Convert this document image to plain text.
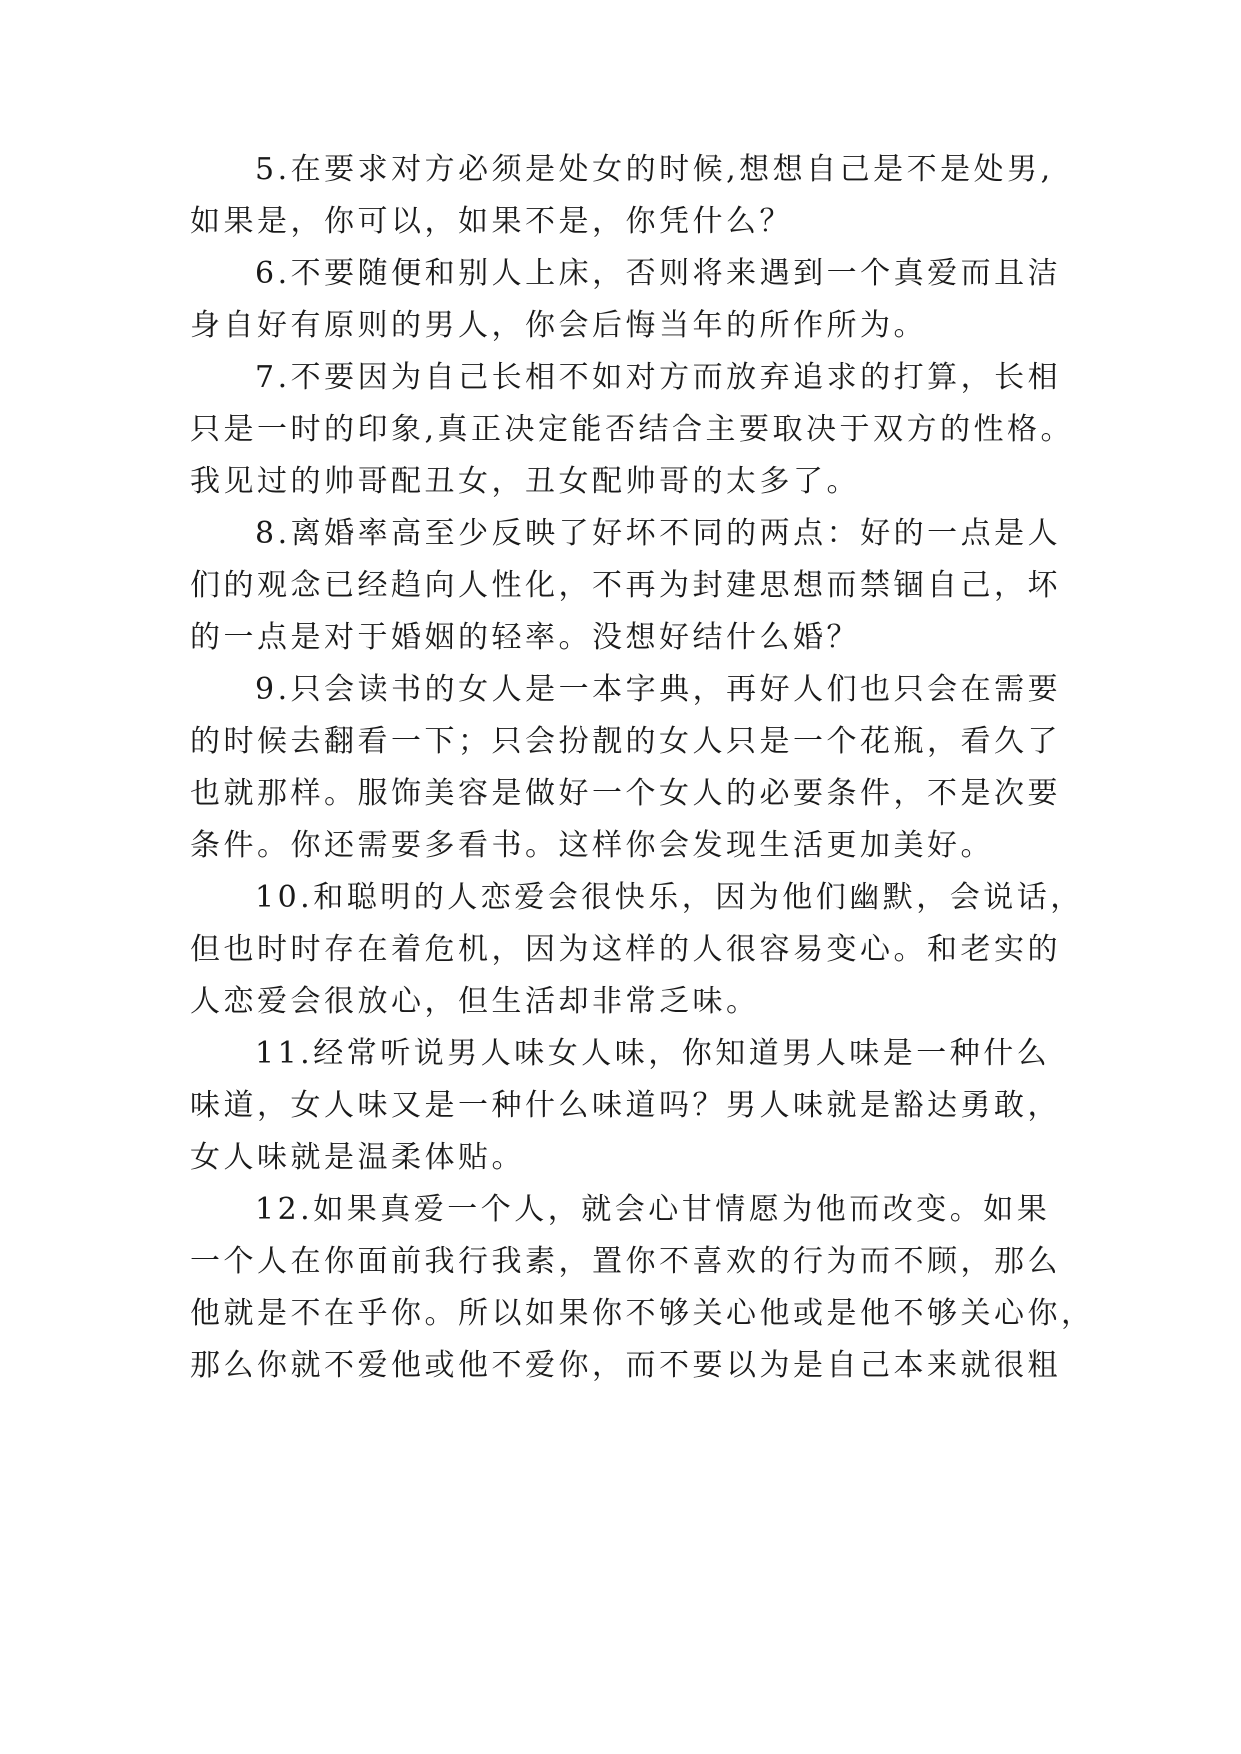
5.在要求对方必须是处女的时候,想想自己是不是处男,
如果是，你可以，如果不是，你凭什么？
6.不要随便和别人上床，否则将来遇到一个真爱而且洁
身自好有原则的男人，你会后悔当年的所作所为。
7.不要因为自己长相不如对方而放弃追求的打算，长相
只是一时的印象,真正决定能否结合主要取决于双方的性格。
我见过的帅哥配丑女，丑女配帅哥的太多了。
8.离婚率高至少反映了好坏不同的两点：好的一点是人
们的观念已经趋向人性化，不再为封建思想而禁锢自己，坏
的一点是对于婚姻的轻率。没想好结什么婚？
9.只会读书的女人是一本字典，再好人们也只会在需要
的时候去翻看一下；只会扮靓的女人只是一个花瓶，看久了
也就那样。服饰美容是做好一个女人的必要条件，不是次要
条件。你还需要多看书。这样你会发现生活更加美好。
10.和聪明的人恋爱会很快乐，因为他们幽默，会说话，
但也时时存在着危机，因为这样的人很容易变心。和老实的
人恋爱会很放心，但生活却非常乏味。
11.经常听说男人味女人味，你知道男人味是一种什么
味道，女人味又是一种什么味道吗？男人味就是豁达勇敢，
女人味就是温柔体贴。
12.如果真爱一个人，就会心甘情愿为他而改变。如果
一个人在你面前我行我素，置你不喜欢的行为而不顾，那么
他就是不在乎你。所以如果你不够关心他或是他不够关心你，
那么你就不爱他或他不爱你，而不要以为是自己本来就很粗
